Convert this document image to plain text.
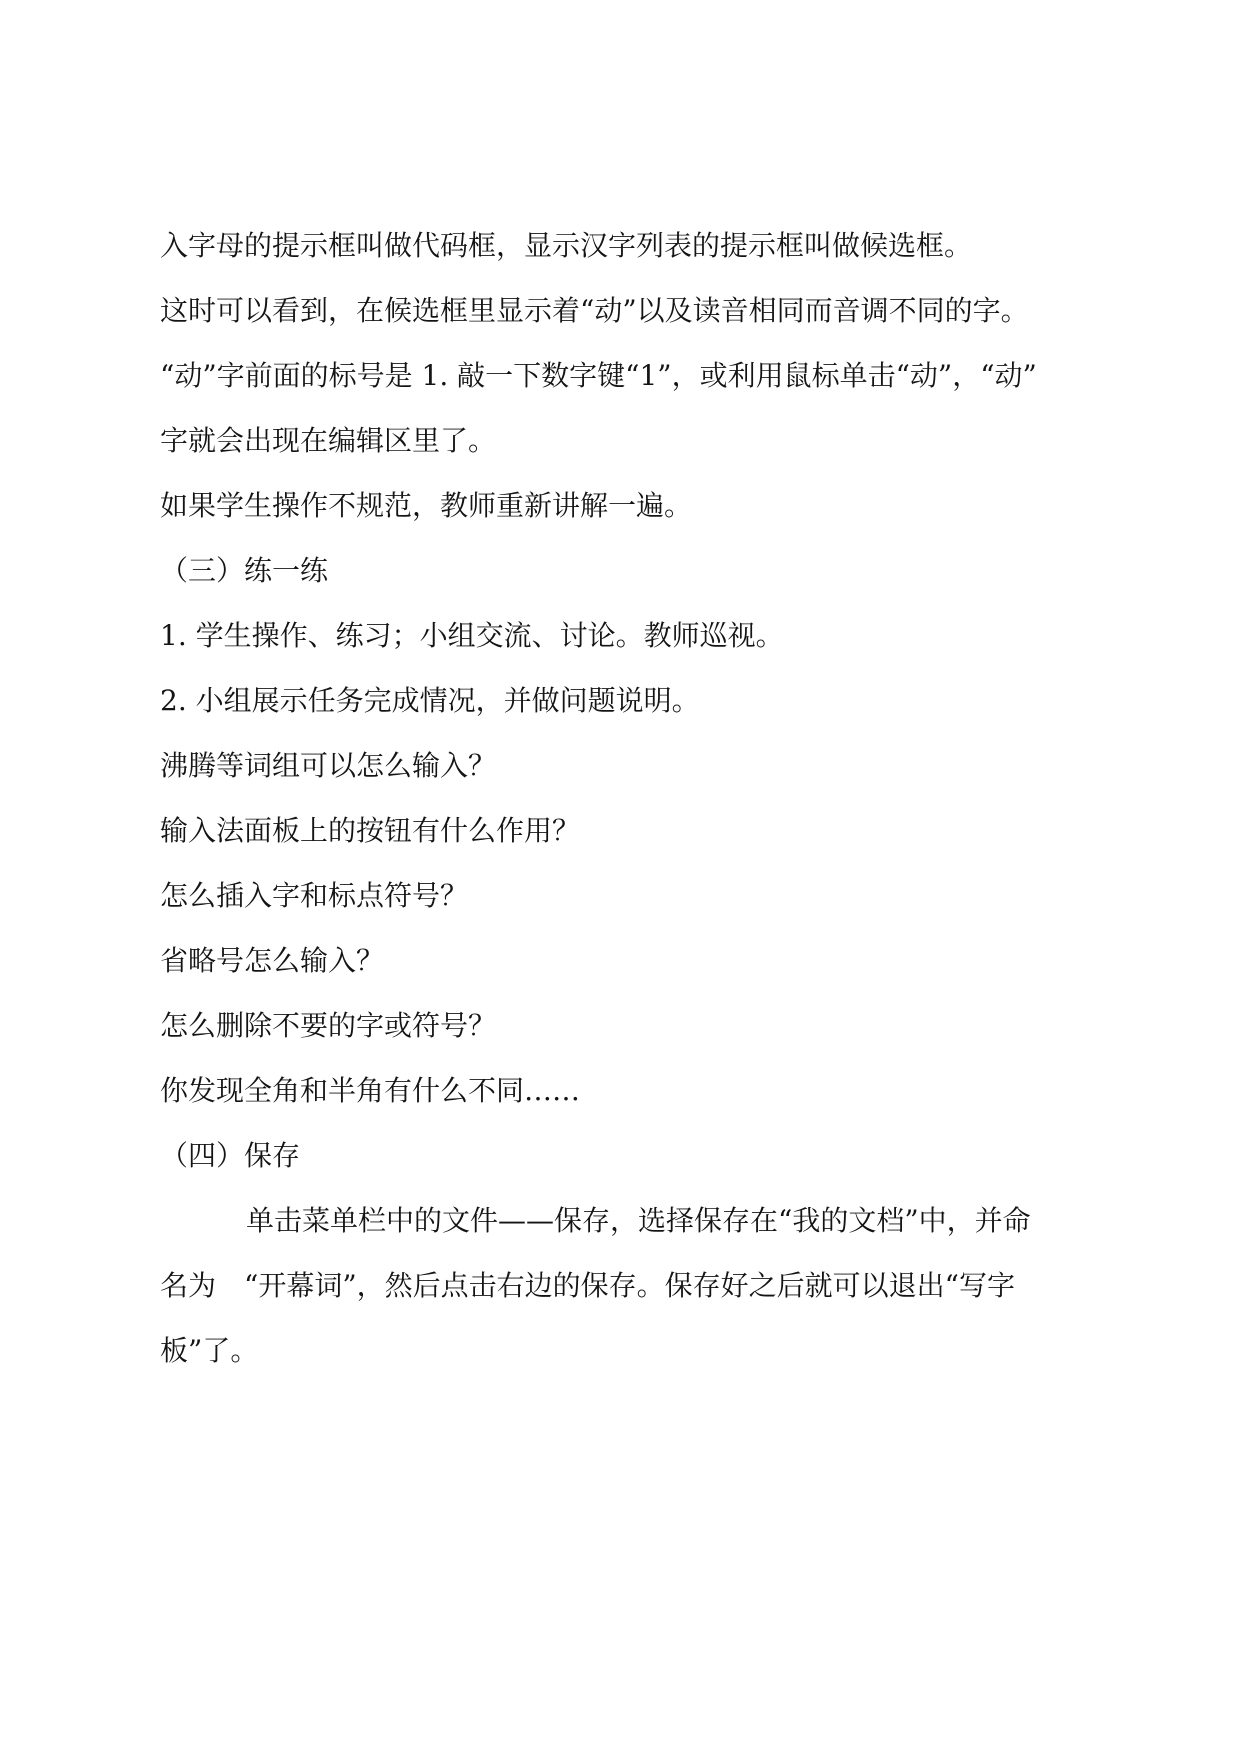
入字母的提示框叫做代码框，显示汉字列表的提示框叫做候选框。
这时可以看到，在候选框里显示着“动”以及读音相同而音调不同的字。
“动”字前面的标号是 1. 敲一下数字键“1”，或利用鼠标单击“动”，“动”
字就会出现在编辑区里了。
如果学生操作不规范，教师重新讲解一遍。
（三）练一练
1. 学生操作、练习；小组交流、讨论。教师巡视。
2. 小组展示任务完成情况，并做问题说明。
沸腾等词组可以怎么输入？
输入法面板上的按钮有什么作用？
怎么插入字和标点符号？
省略号怎么输入？
怎么删除不要的字或符号？
你发现全角和半角有什么不同……
（四）保存
单击菜单栏中的文件——保存，选择保存在“我的文档”中，并命
名为　“开幕词”，然后点击右边的保存。保存好之后就可以退出“写字
板”了。
